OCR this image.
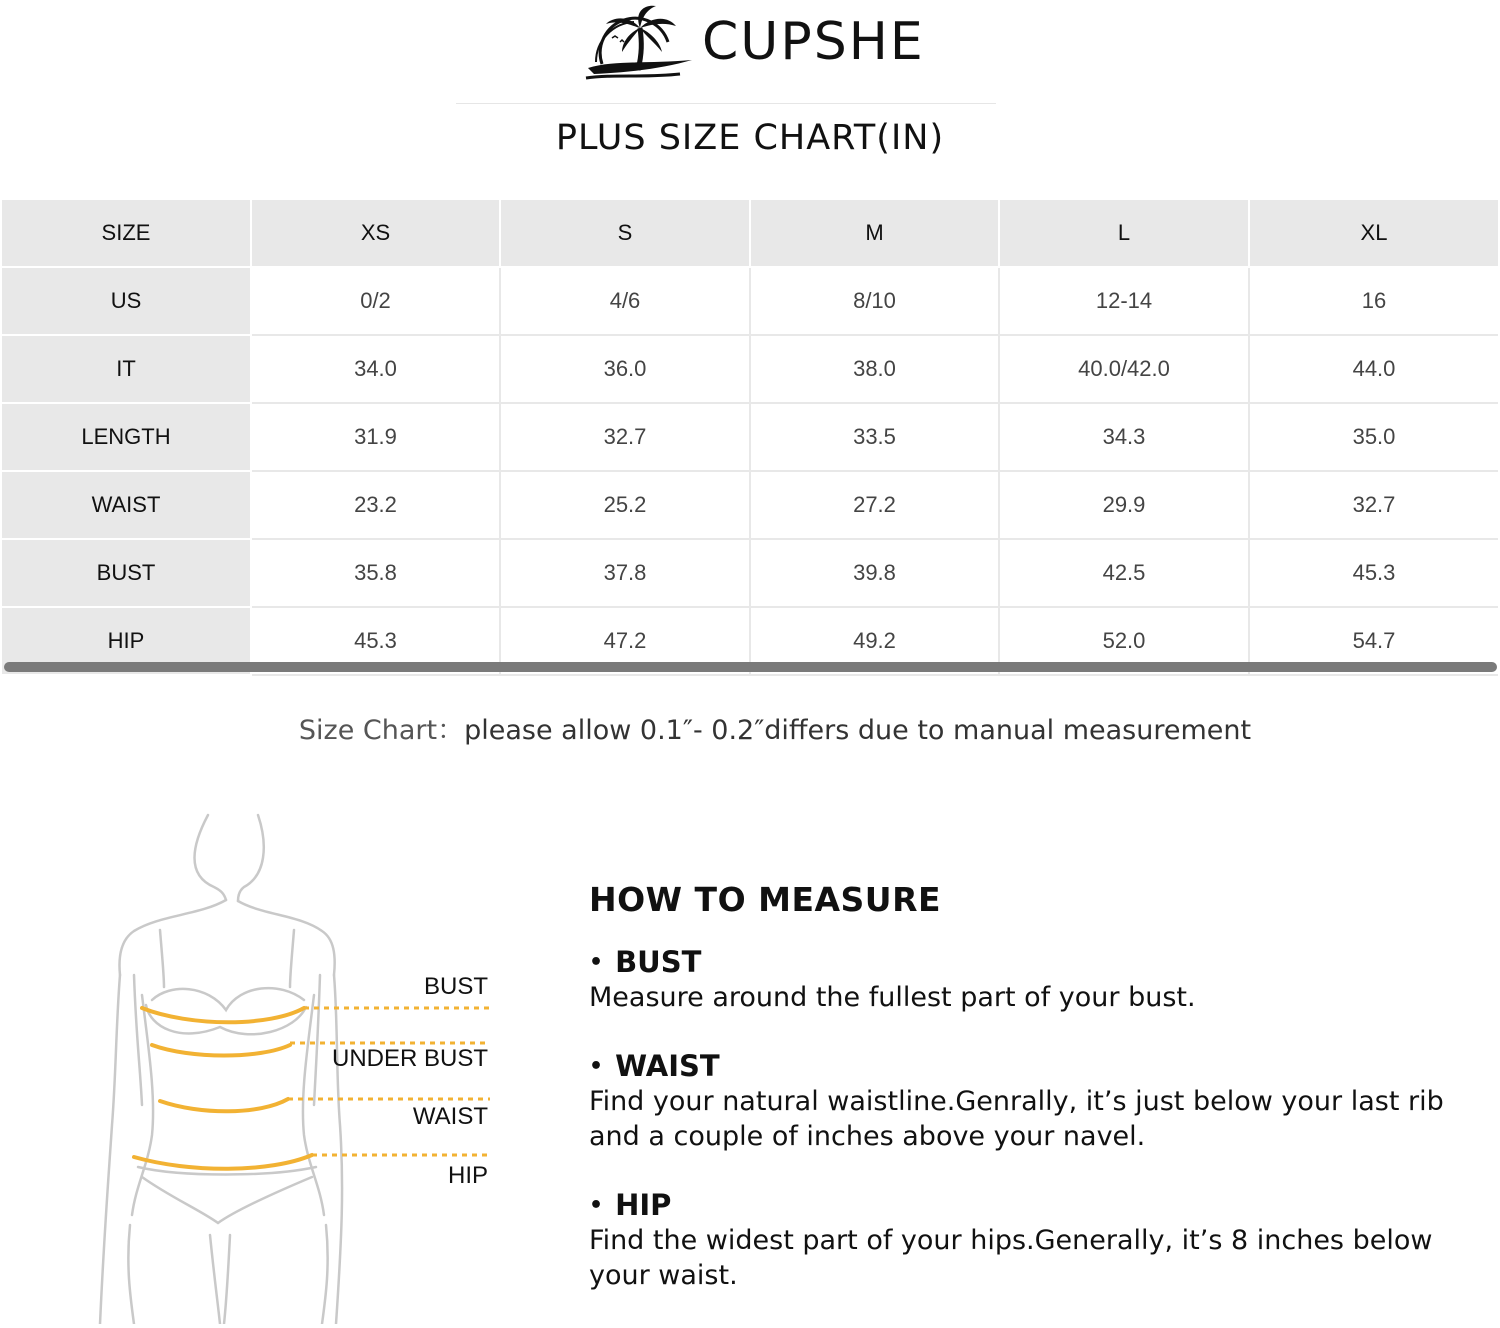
CUPSHE
PLUS SIZE CHART(IN)
SIZE	XS	S	M	L	XL
US	0/2	4/6	8/10	12-14	16
IT	34.0	36.0	38.0	40.0/42.0	44.0
LENGTH	31.9	32.7	33.5	34.3	35.0
WAIST	23.2	25.2	27.2	29.9	32.7
BUST	35.8	37.8	39.8	42.5	45.3
HIP	45.3	47.2	49.2	52.0	54.7
Size Chart：please allow 0.1″- 0.2″differs due to manual measurement
BUST
UNDER BUST
WAIST
HIP
HOW TO MEASURE
• BUST
Measure around the fullest part of your bust.
• WAIST
Find your natural waistline.Genrally, it’s just below your last rib and a couple of inches above your navel.
• HIP
Find the widest part of your hips.Generally, it’s 8 inches below your waist.
